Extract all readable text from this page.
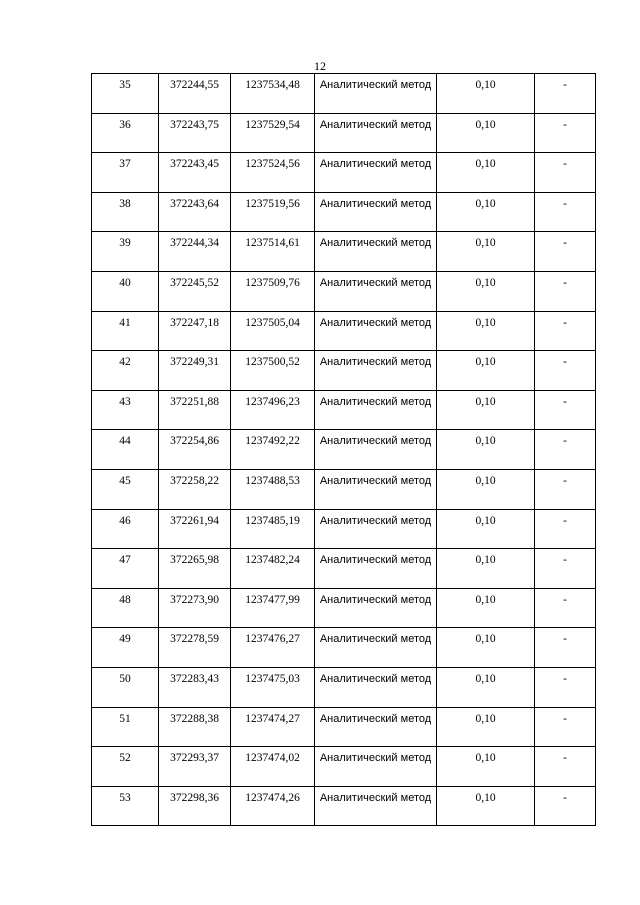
12
35	372244,55	1237534,48	Аналитический метод	0,10	-
36	372243,75	1237529,54	Аналитический метод	0,10	-
37	372243,45	1237524,56	Аналитический метод	0,10	-
38	372243,64	1237519,56	Аналитический метод	0,10	-
39	372244,34	1237514,61	Аналитический метод	0,10	-
40	372245,52	1237509,76	Аналитический метод	0,10	-
41	372247,18	1237505,04	Аналитический метод	0,10	-
42	372249,31	1237500,52	Аналитический метод	0,10	-
43	372251,88	1237496,23	Аналитический метод	0,10	-
44	372254,86	1237492,22	Аналитический метод	0,10	-
45	372258,22	1237488,53	Аналитический метод	0,10	-
46	372261,94	1237485,19	Аналитический метод	0,10	-
47	372265,98	1237482,24	Аналитический метод	0,10	-
48	372273,90	1237477,99	Аналитический метод	0,10	-
49	372278,59	1237476,27	Аналитический метод	0,10	-
50	372283,43	1237475,03	Аналитический метод	0,10	-
51	372288,38	1237474,27	Аналитический метод	0,10	-
52	372293,37	1237474,02	Аналитический метод	0,10	-
53	372298,36	1237474,26	Аналитический метод	0,10	-
